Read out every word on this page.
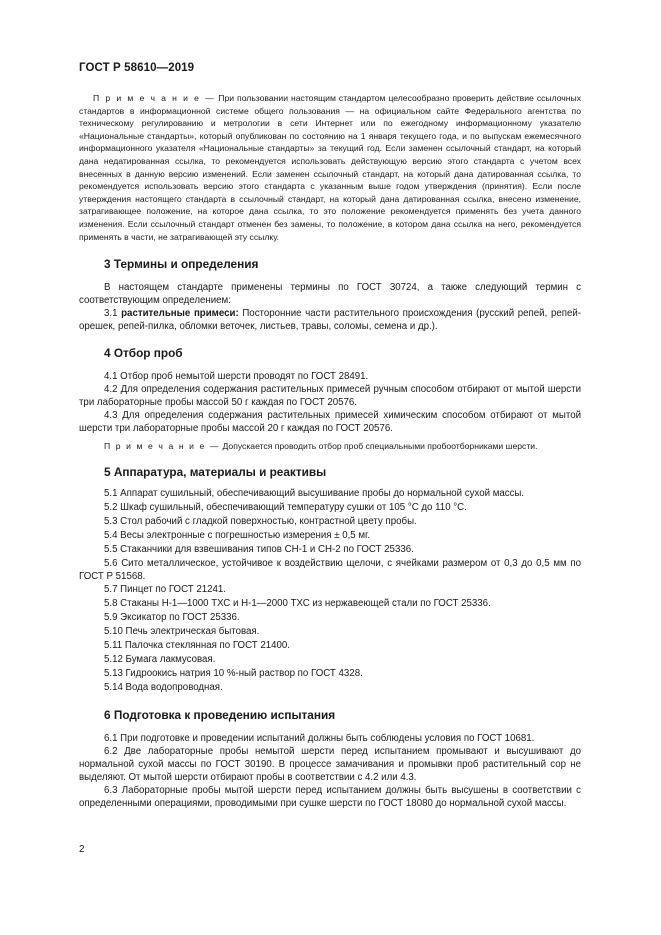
ГОСТ Р 58610—2019

П р и м е ч а н и е — При пользовании настоящим стандартом целесообразно проверить действие ссылочных стандартов в информационной системе общего пользования — на официальном сайте Федерального агентства по техническому регулированию и метрологии в сети Интернет или по ежегодному информационному указателю «Национальные стандарты», который опубликован по состоянию на 1 января текущего года, и по выпускам ежемесячного информационного указателя «Национальные стандарты» за текущий год. Если заменен ссылочный стандарт, на который дана недатированная ссылка, то рекомендуется использовать действующую версию этого стандарта с учетом всех внесенных в данную версию изменений. Если заменен ссылочный стандарт, на который дана датированная ссылка, то рекомендуется использовать версию этого стандарта с указанным выше годом утверждения (принятия). Если после утверждения настоящего стандарта в ссылочный стандарт, на который дана датированная ссылка, внесено изменение, затрагивающее положение, на которое дана ссылка, то это положение рекомендуется применять без учета данного изменения. Если ссылочный стандарт отменен без замены, то положение, в котором дана ссылка на него, рекомендуется применять в части, не затрагивающей эту ссылку.

3 Термины и определения

В настоящем стандарте применены термины по ГОСТ 30724, а также следующий термин с соответствующим определением:

3.1 растительные примеси: Посторонние части растительного происхождения (русский репей, репей-орешек, репей-пилка, обломки веточек, листьев, травы, соломы, семена и др.).

4 Отбор проб

4.1 Отбор проб немытой шерсти проводят по ГОСТ 28491.

4.2 Для определения содержания растительных примесей ручным способом отбирают от мытой шерсти три лабораторные пробы массой 50 г каждая по ГОСТ 20576.

4.3 Для определения содержания растительных примесей химическим способом отбирают от мытой шерсти три лабораторные пробы массой 20 г каждая по ГОСТ 20576.

П р и м е ч а н и е — Допускается проводить отбор проб специальными пробоотборниками шерсти.

5 Аппаратура, материалы и реактивы

5.1 Аппарат сушильный, обеспечивающий высушивание пробы до нормальной сухой массы.

5.2 Шкаф сушильный, обеспечивающий температуру сушки от 105 °С до 110 °С.

5.3 Стол рабочий с гладкой поверхностью, контрастной цвету пробы.

5.4 Весы электронные с погрешностью измерения ± 0,5 мг.

5.5 Стаканчики для взвешивания типов СН-1 и СН-2 по ГОСТ 25336.

5.6 Сито металлическое, устойчивое к воздействию щелочи, с ячейками размером от 0,3 до 0,5 мм по ГОСТ Р 51568.

5.7 Пинцет по ГОСТ 21241.

5.8 Стаканы Н-1—1000 ТХС и Н-1—2000 ТХС из нержавеющей стали по ГОСТ 25336.

5.9 Эксикатор по ГОСТ 25336.

5.10 Печь электрическая бытовая.

5.11 Палочка стеклянная по ГОСТ 21400.

5.12 Бумага лакмусовая.

5.13 Гидроокись натрия 10 %-ный раствор по ГОСТ 4328.

5.14 Вода водопроводная.

6 Подготовка к проведению испытания

6.1 При подготовке и проведении испытаний должны быть соблюдены условия по ГОСТ 10681.

6.2 Две лабораторные пробы немытой шерсти перед испытанием промывают и высушивают до нормальной сухой массы по ГОСТ 30190. В процессе замачивания и промывки проб растительный сор не выделяют. От мытой шерсти отбирают пробы в соответствии с 4.2 или 4.3.

6.3 Лабораторные пробы мытой шерсти перед испытанием должны быть высушены в соответствии с определенными операциями, проводимыми при сушке шерсти по ГОСТ 18080 до нормальной сухой массы.

2
